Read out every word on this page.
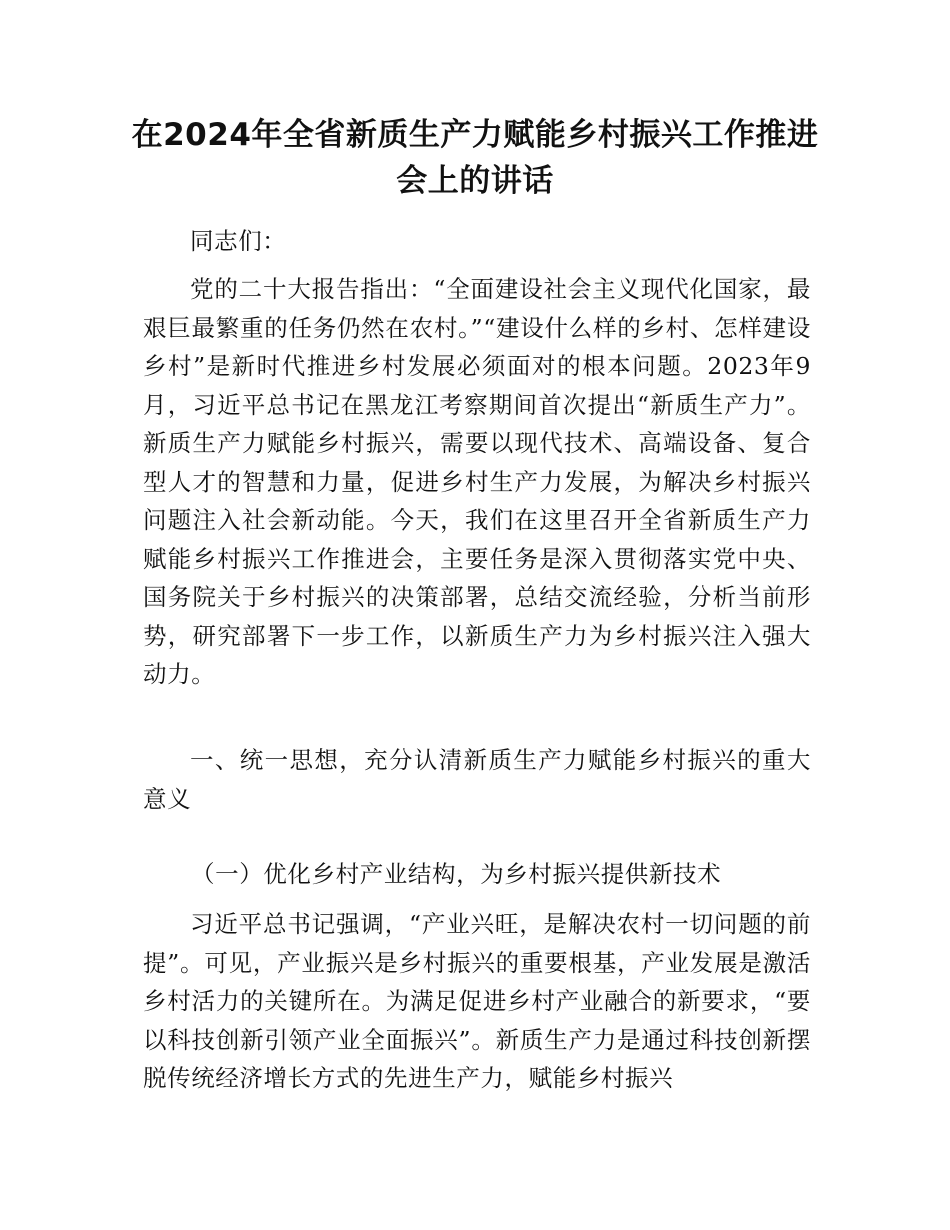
在2024年全省新质生产力赋能乡村振兴工作推进会上的讲话
同志们：
党的二十大报告指出：“全面建设社会主义现代化国家，最艰巨最繁重的任务仍然在农村。”“建设什么样的乡村、怎样建设乡村”是新时代推进乡村发展必须面对的根本问题。2023年9月，习近平总书记在黑龙江考察期间首次提出“新质生产力”。新质生产力赋能乡村振兴，需要以现代技术、高端设备、复合型人才的智慧和力量，促进乡村生产力发展，为解决乡村振兴问题注入社会新动能。今天，我们在这里召开全省新质生产力赋能乡村振兴工作推进会，主要任务是深入贯彻落实党中央、国务院关于乡村振兴的决策部署，总结交流经验，分析当前形势，研究部署下一步工作，以新质生产力为乡村振兴注入强大动力。
一、统一思想，充分认清新质生产力赋能乡村振兴的重大意义
（一）优化乡村产业结构，为乡村振兴提供新技术
习近平总书记强调，“产业兴旺，是解决农村一切问题的前提”。可见，产业振兴是乡村振兴的重要根基，产业发展是激活乡村活力的关键所在。为满足促进乡村产业融合的新要求，“要以科技创新引领产业全面振兴”。新质生产力是通过科技创新摆脱传统经济增长方式的先进生产力，赋能乡村振兴
